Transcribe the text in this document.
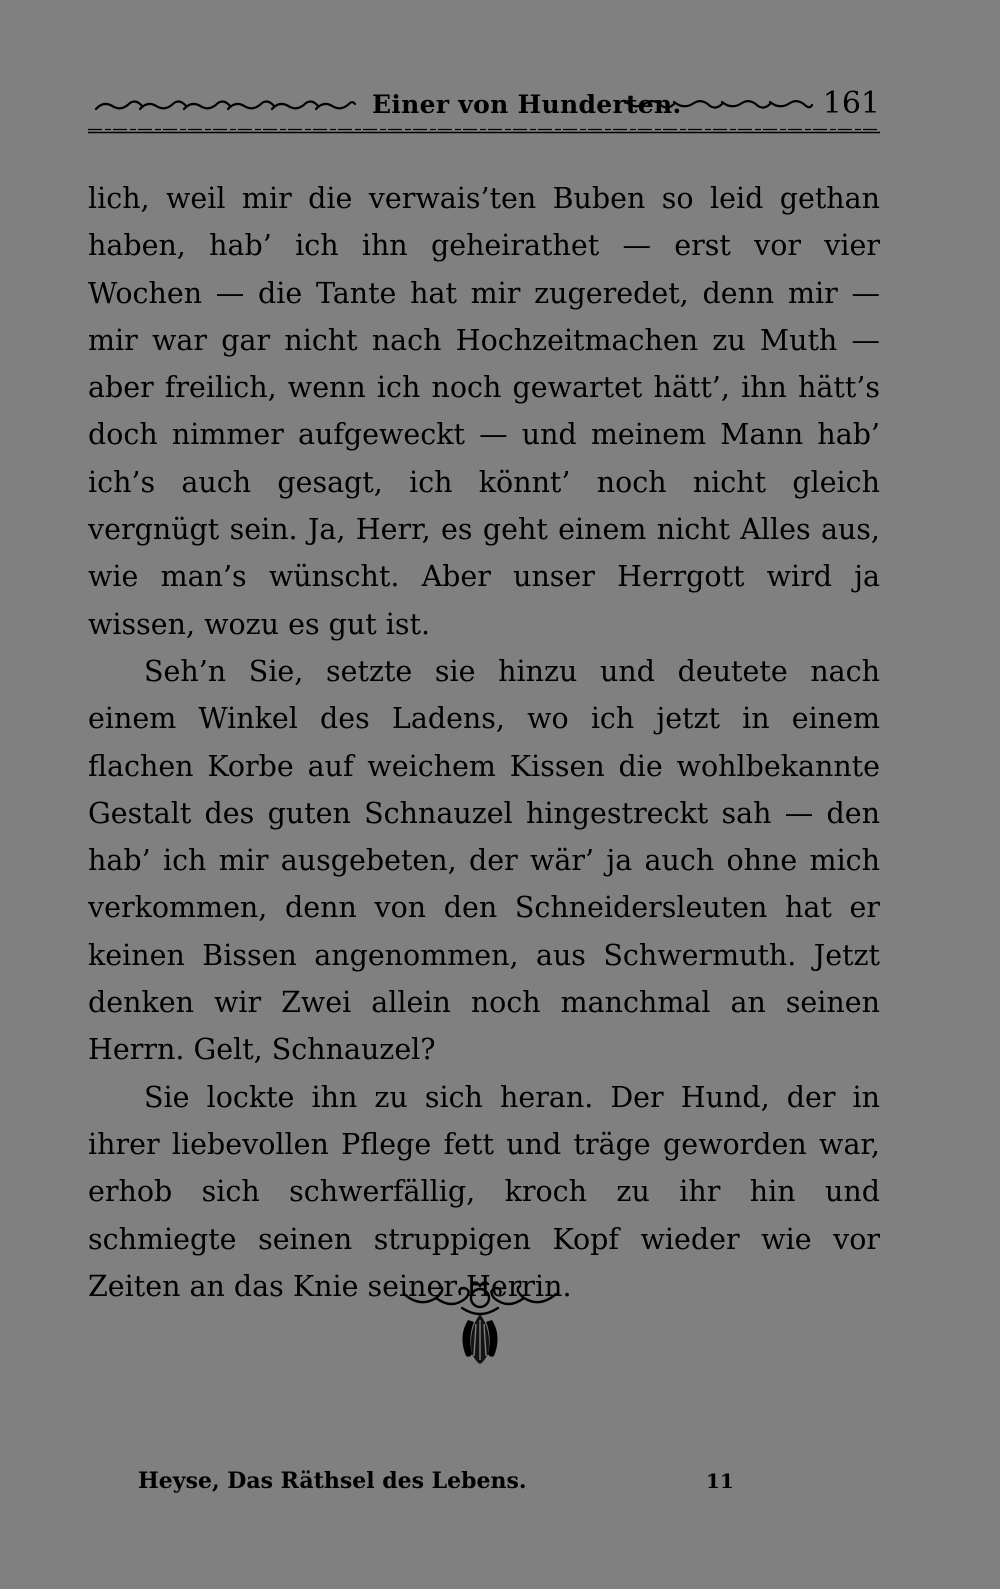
Einer von Hunderten.	161

lich, weil mir die verwais’ten Buben so leid gethan haben, hab’ ich ihn geheirathet — erst vor vier Wochen — die Tante hat mir zugeredet, denn mir — mir war gar nicht nach Hochzeitmachen zu Muth — aber freilich, wenn ich noch gewartet hätt’, ihn hätt’s doch nimmer aufgeweckt — und meinem Mann hab’ ich’s auch gesagt, ich könnt’ noch nicht gleich vergnügt sein. Ja, Herr, es geht einem nicht Alles aus, wie man’s wünscht. Aber unser Herrgott wird ja wissen, wozu es gut ist.

Seh’n Sie, setzte sie hinzu und deutete nach einem Winkel des Ladens, wo ich jetzt in einem flachen Korbe auf weichem Kissen die wohlbekannte Gestalt des guten Schnauzel hingestreckt sah — den hab’ ich mir ausgebeten, der wär’ ja auch ohne mich verkommen, denn von den Schneidersleuten hat er keinen Bissen angenommen, aus Schwermuth. Jetzt denken wir Zwei allein noch manchmal an seinen Herrn. Gelt, Schnauzel?

Sie lockte ihn zu sich heran. Der Hund, der in ihrer liebevollen Pflege fett und träge geworden war, erhob sich schwerfällig, kroch zu ihr hin und schmiegte seinen struppigen Kopf wieder wie vor Zeiten an das Knie seiner Herrin.

Heyse, Das Räthsel des Lebens.	11
